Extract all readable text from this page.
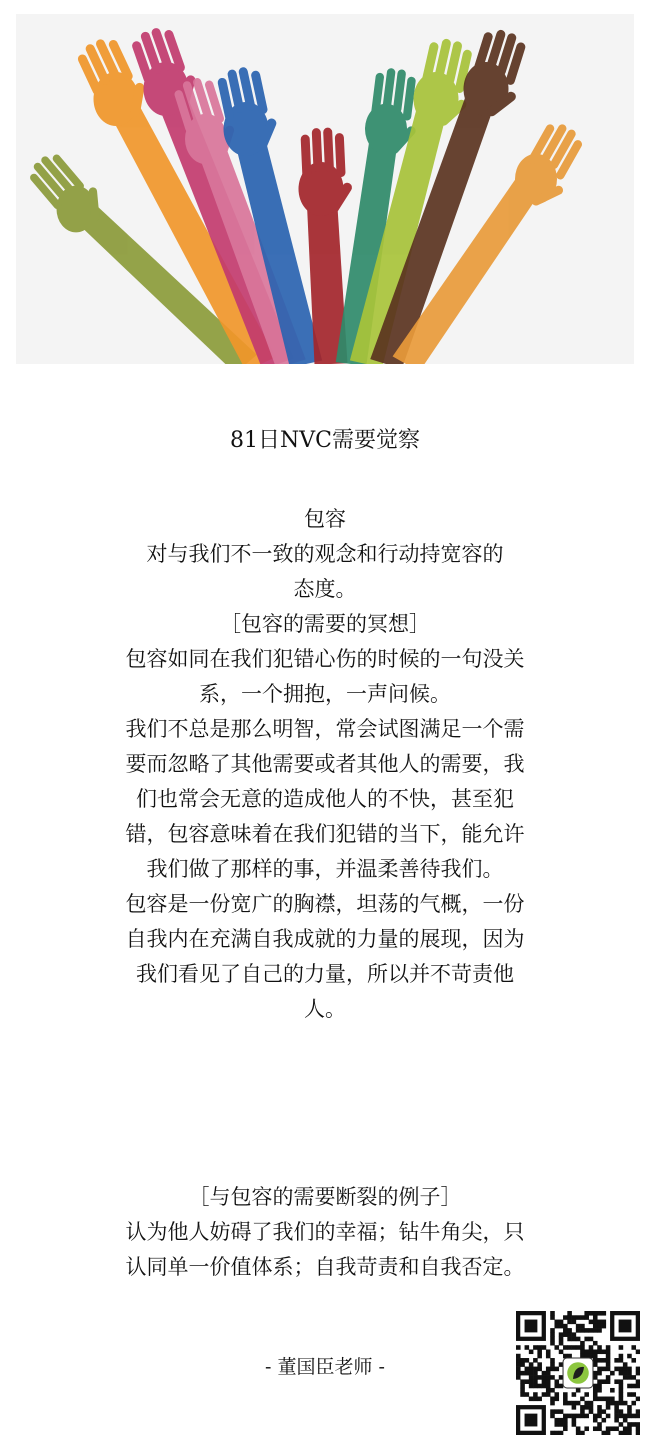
81日NVC需要觉察
包容
对与我们不一致的观念和行动持宽容的
态度。
［包容的需要的冥想］
包容如同在我们犯错心伤的时候的一句没关
系，一个拥抱，一声问候。
我们不总是那么明智，常会试图满足一个需
要而忽略了其他需要或者其他人的需要，我
们也常会无意的造成他人的不快，甚至犯
错，包容意味着在我们犯错的当下，能允许
我们做了那样的事，并温柔善待我们。
包容是一份宽广的胸襟，坦荡的气概，一份
自我内在充满自我成就的力量的展现，因为
我们看见了自己的力量，所以并不苛责他
人。
［与包容的需要断裂的例子］
认为他人妨碍了我们的幸福；钻牛角尖，只
认同单一价值体系；自我苛责和自我否定。
- 董国臣老师 -
